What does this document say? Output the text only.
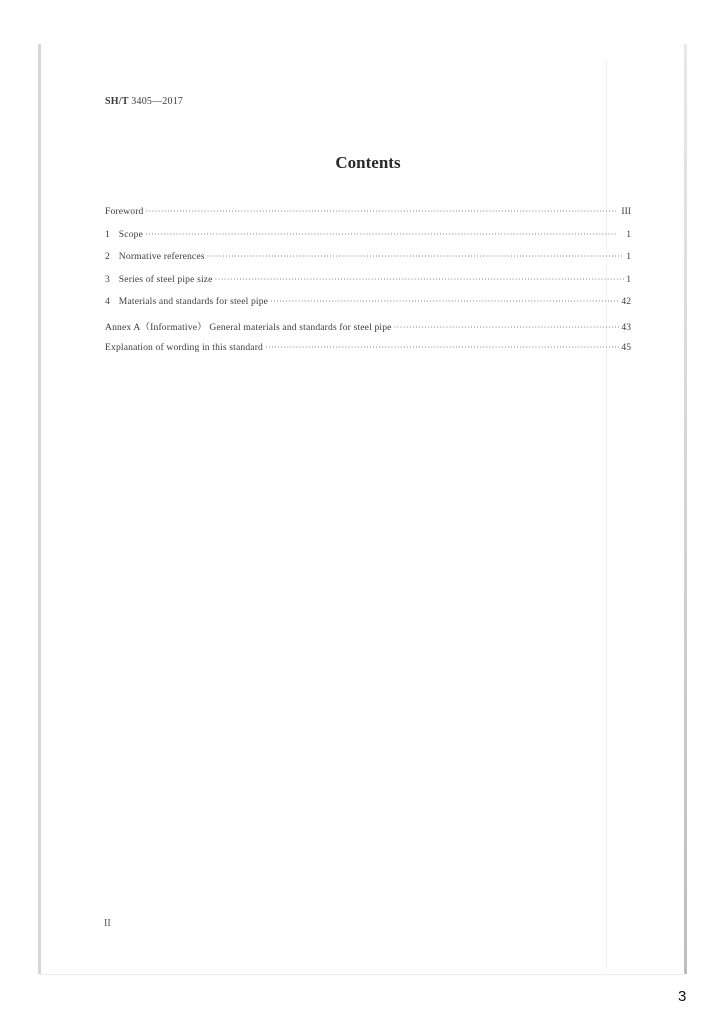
SH/T 3405—2017
Contents
Foreword ·····	III
1 Scope ·····	1
2 Normative references ·····	1
3 Series of steel pipe size ·····	1
4 Materials and standards for steel pipe ·····	42
Annex A（Informative） General materials and standards for steel pipe ·····	43
Explanation of wording in this standard ·····	45
II
3
